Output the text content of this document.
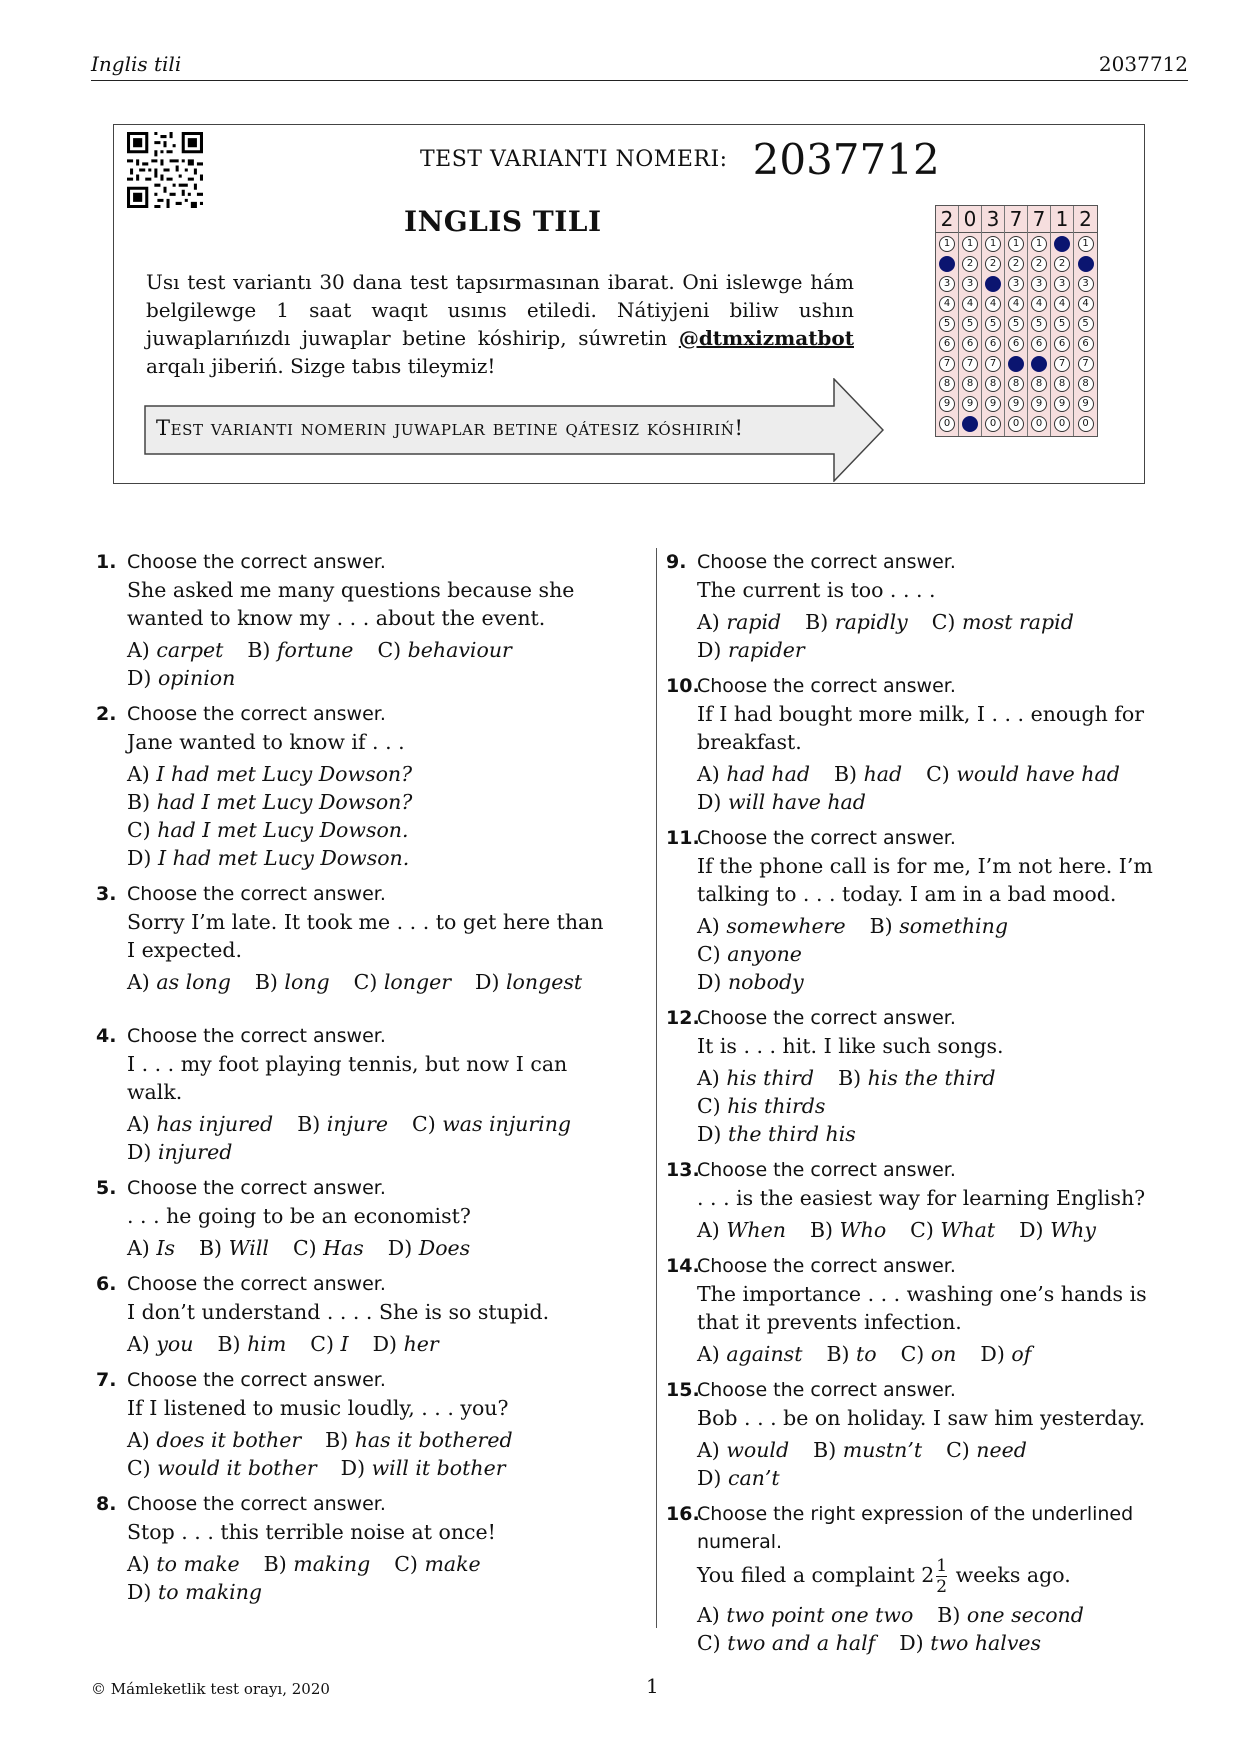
Inglis tili	2037712
TEST VARIANTI NOMERI: 2037712
INGLIS TILI
Usı test variantı 30 dana test tapsırmasınan ibarat. Oni islewge hám belgilewge 1 saat waqıt usınıs etiledi. Nátiyjeni biliw ushın juwaplarıńızdı juwaplar betine kóshirip, súwretin @dtmxizmatbot arqalı jiberiń. Sizge tabıs tileymiz!
Test varianti nomerin juwaplar betine qátesiz kóshiriń!
2
1
3
4
5
6
7
8
9
0
0
1
2
3
4
5
6
7
8
9
3
1
2
4
5
6
7
8
9
0
7
1
2
3
4
5
6
8
9
0
7
1
2
3
4
5
6
8
9
0
1
2
3
4
5
6
7
8
9
0
2
1
3
4
5
6
7
8
9
0
1. Choose the correct answer.
She asked me many questions because she wanted to know my . . . about the event.
A) carpet B) fortune C) behaviour
D) opinion
2. Choose the correct answer.
Jane wanted to know if . . .
A) I had met Lucy Dowson?
B) had I met Lucy Dowson?
C) had I met Lucy Dowson.
D) I had met Lucy Dowson.
3. Choose the correct answer.
Sorry I’m late. It took me . . . to get here than I expected.
A) as long B) long C) longer D) longest
4. Choose the correct answer.
I . . . my foot playing tennis, but now I can walk.
A) has injured B) injure C) was injuring
D) injured
5. Choose the correct answer.
. . . he going to be an economist?
A) Is B) Will C) Has D) Does
6. Choose the correct answer.
I don’t understand . . . . She is so stupid.
A) you B) him C) I D) her
7. Choose the correct answer.
If I listened to music loudly, . . . you?
A) does it bother B) has it bothered
C) would it bother D) will it bother
8. Choose the correct answer.
Stop . . . this terrible noise at once!
A) to make B) making C) make
D) to making
9. Choose the correct answer.
The current is too . . . .
A) rapid B) rapidly C) most rapid
D) rapider
10.
Choose the correct answer.
If I had bought more milk, I . . . enough for breakfast.
A) had had B) had C) would have had
D) will have had
11.
Choose the correct answer.
If the phone call is for me, I’m not here. I’m talking to . . . today. I am in a bad mood.
A) somewhere B) somethingC) anyone
D) nobody
12.
Choose the correct answer.
It is . . . hit. I like such songs.
A) his third B) his the thirdC) his thirds
D) the third his
13.
Choose the correct answer.
. . . is the easiest way for learning English?
A) When B) Who C) What D) Why
14.
Choose the correct answer.
The importance . . . washing one’s hands is that it prevents infection.
A) against B) to C) on D) of
15.
Choose the correct answer.
Bob . . . be on holiday. I saw him yesterday.
A) would B) mustn’t C) needD) can’t
16.
Choose the right expression of the underlined numeral.
You filed a complaint $2 \frac{1}{2}$ weeks ago.
A) two point one two B) one second
C) two and a half D) two halves
© Mámleketlik test orayı, 2020	1
